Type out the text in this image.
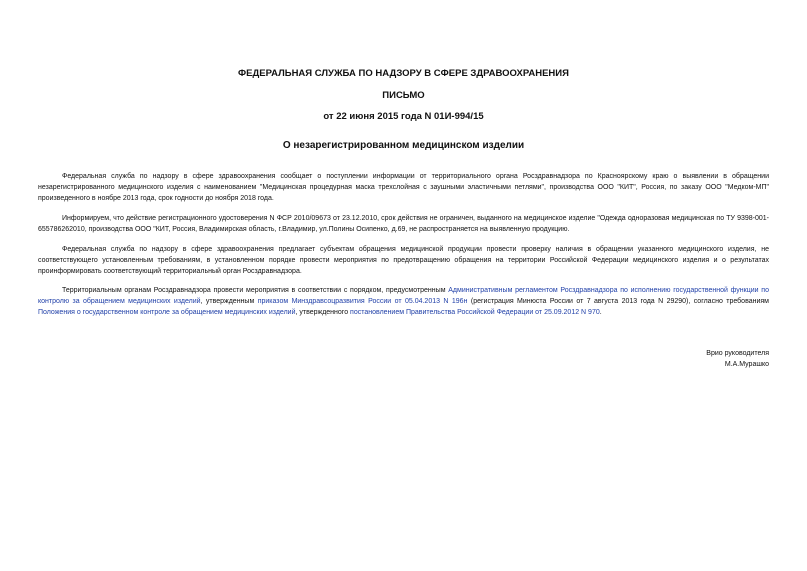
ФЕДЕРАЛЬНАЯ СЛУЖБА ПО НАДЗОРУ В СФЕРЕ ЗДРАВООХРАНЕНИЯ
ПИСЬМО
от 22 июня 2015 года N 01И-994/15
О незарегистрированном медицинском изделии

Федеральная служба по надзору в сфере здравоохранения сообщает о поступлении информации от территориального органа Росздравнадзора по Красноярскому краю о выявлении в обращении незарегистрированного медицинского изделия с наименованием "Медицинская процедурная маска трехслойная с заушными эластичными петлями", производства ООО "КИТ", Россия, по заказу ООО "Медком-МП" произведенного в ноябре 2013 года, срок годности до ноября 2018 года.

Информируем, что действие регистрационного удостоверения N ФСР 2010/09673 от 23.12.2010, срок действия не ограничен, выданного на медицинское изделие "Одежда одноразовая медицинская по ТУ 9398-001-655786262010, производства ООО "КИТ, Россия, Владимирская область, г.Владимир, ул.Полины Осипенко, д.69, не распространяется на выявленную продукцию.

Федеральная служба по надзору в сфере здравоохранения предлагает субъектам обращения медицинской продукции провести проверку наличия в обращении указанного медицинского изделия, не соответствующего установленным требованиям, в установленном порядке провести мероприятия по предотвращению обращения на территории Российской Федерации медицинского изделия и о результатах проинформировать соответствующий территориальный орган Росздравнадзора.

Территориальным органам Росздравнадзора провести мероприятия в соответствии с порядком, предусмотренным Административным регламентом Росздравнадзора по исполнению государственной функции по контролю за обращением медицинских изделий, утвержденным приказом Минздравсоцразвития России от 05.04.2013 N 196н (регистрация Минюста России от 7 августа 2013 года N 29290), согласно требованиям Положения о государственном контроле за обращением медицинских изделий, утвержденного постановлением Правительства Российской Федерации от 25.09.2012 N 970.

Врио руководителя
М.А.Мурашко
